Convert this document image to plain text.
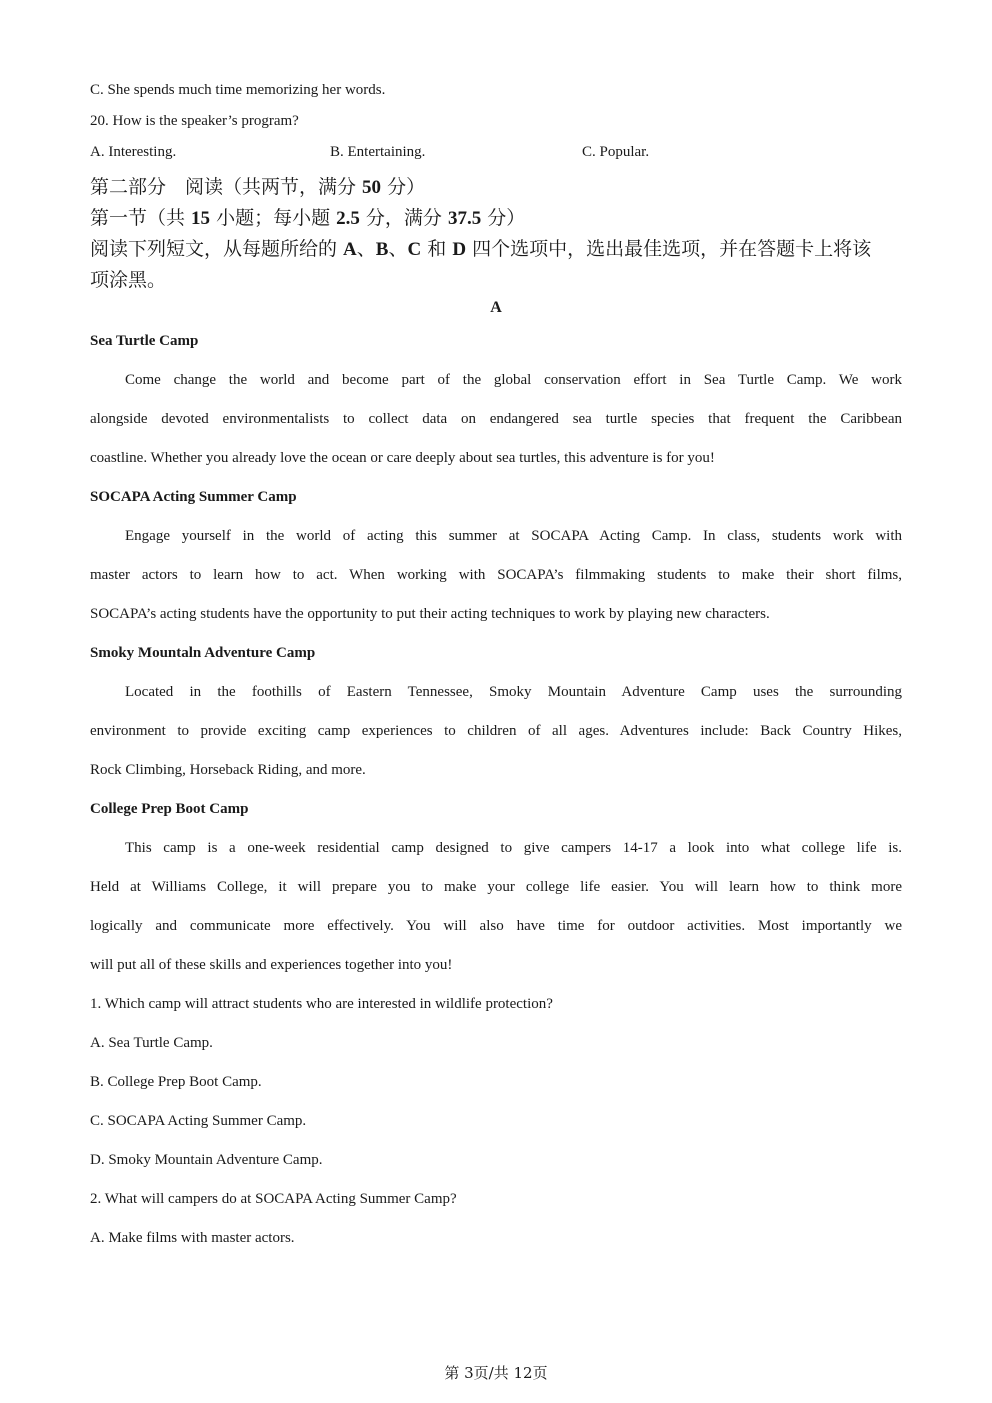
C. She spends much time memorizing her words.
20. How is the speaker’s program?
A. Interesting.	B. Entertaining.	C. Popular.
第二部分　阅读（共两节，满分 50 分）
第一节（共 15 小题；每小题 2.5 分，满分 37.5 分）
阅读下列短文，从每题所给的 A、B、C 和 D 四个选项中，选出最佳选项，并在答题卡上将该
项涂黑。
A
Sea Turtle Camp
Come change the world and become part of the global conservation effort in Sea Turtle Camp. We work
alongside devoted environmentalists to collect data on endangered sea turtle species that frequent the Caribbean
coastline. Whether you already love the ocean or care deeply about sea turtles, this adventure is for you!
SOCAPA Acting Summer Camp
Engage yourself in the world of acting this summer at SOCAPA Acting Camp. In class, students work with
master actors to learn how to act. When working with SOCAPA’s filmmaking students to make their short films,
SOCAPA’s acting students have the opportunity to put their acting techniques to work by playing new characters.
Smoky Mountaln Adventure Camp
Located in the foothills of Eastern Tennessee, Smoky Mountain Adventure Camp uses the surrounding
environment to provide exciting camp experiences to children of all ages. Adventures include: Back Country Hikes,
Rock Climbing, Horseback Riding, and more.
College Prep Boot Camp
This camp is a one-week residential camp designed to give campers 14-17 a look into what college life is.
Held at Williams College, it will prepare you to make your college life easier. You will learn how to think more
logically and communicate more effectively. You will also have time for outdoor activities. Most importantly we
will put all of these skills and experiences together into you!
1. Which camp will attract students who are interested in wildlife protection?
A. Sea Turtle Camp.
B. College Prep Boot Camp.
C. SOCAPA Acting Summer Camp.
D. Smoky Mountain Adventure Camp.
2. What will campers do at SOCAPA Acting Summer Camp?
A. Make films with master actors.
第 3页/共 12页
